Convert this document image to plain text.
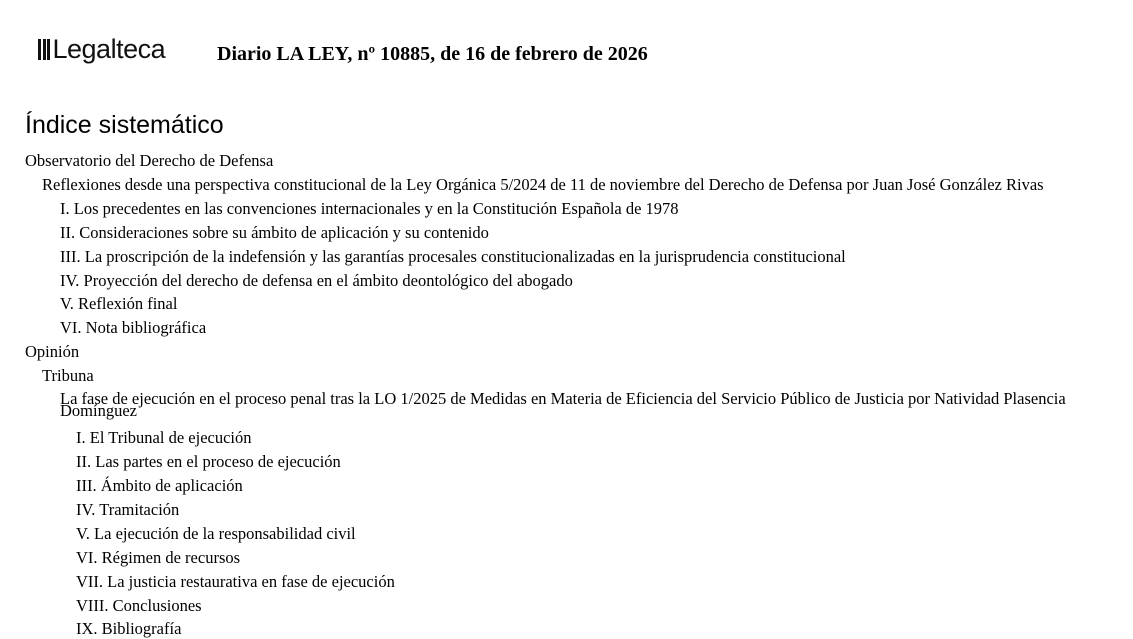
Legalteca	Diario LA LEY, nº 10885, de 16 de febrero de 2026
Índice sistemático
Observatorio del Derecho de Defensa
Reflexiones desde una perspectiva constitucional de la Ley Orgánica 5/2024 de 11 de noviembre del Derecho de Defensa por Juan José González Rivas
I. Los precedentes en las convenciones internacionales y en la Constitución Española de 1978
II. Consideraciones sobre su ámbito de aplicación y su contenido
III. La proscripción de la indefensión y las garantías procesales constitucionalizadas en la jurisprudencia constitucional
IV. Proyección del derecho de defensa en el ámbito deontológico del abogado
V. Reflexión final
VI. Nota bibliográfica
Opinión
Tribuna
La fase de ejecución en el proceso penal tras la LO 1/2025 de Medidas en Materia de Eficiencia del Servicio Público de Justicia por Natividad Plasencia Domínguez
I. El Tribunal de ejecución
II. Las partes en el proceso de ejecución
III. Ámbito de aplicación
IV. Tramitación
V. La ejecución de la responsabilidad civil
VI. Régimen de recursos
VII. La justicia restaurativa en fase de ejecución
VIII. Conclusiones
IX. Bibliografía
